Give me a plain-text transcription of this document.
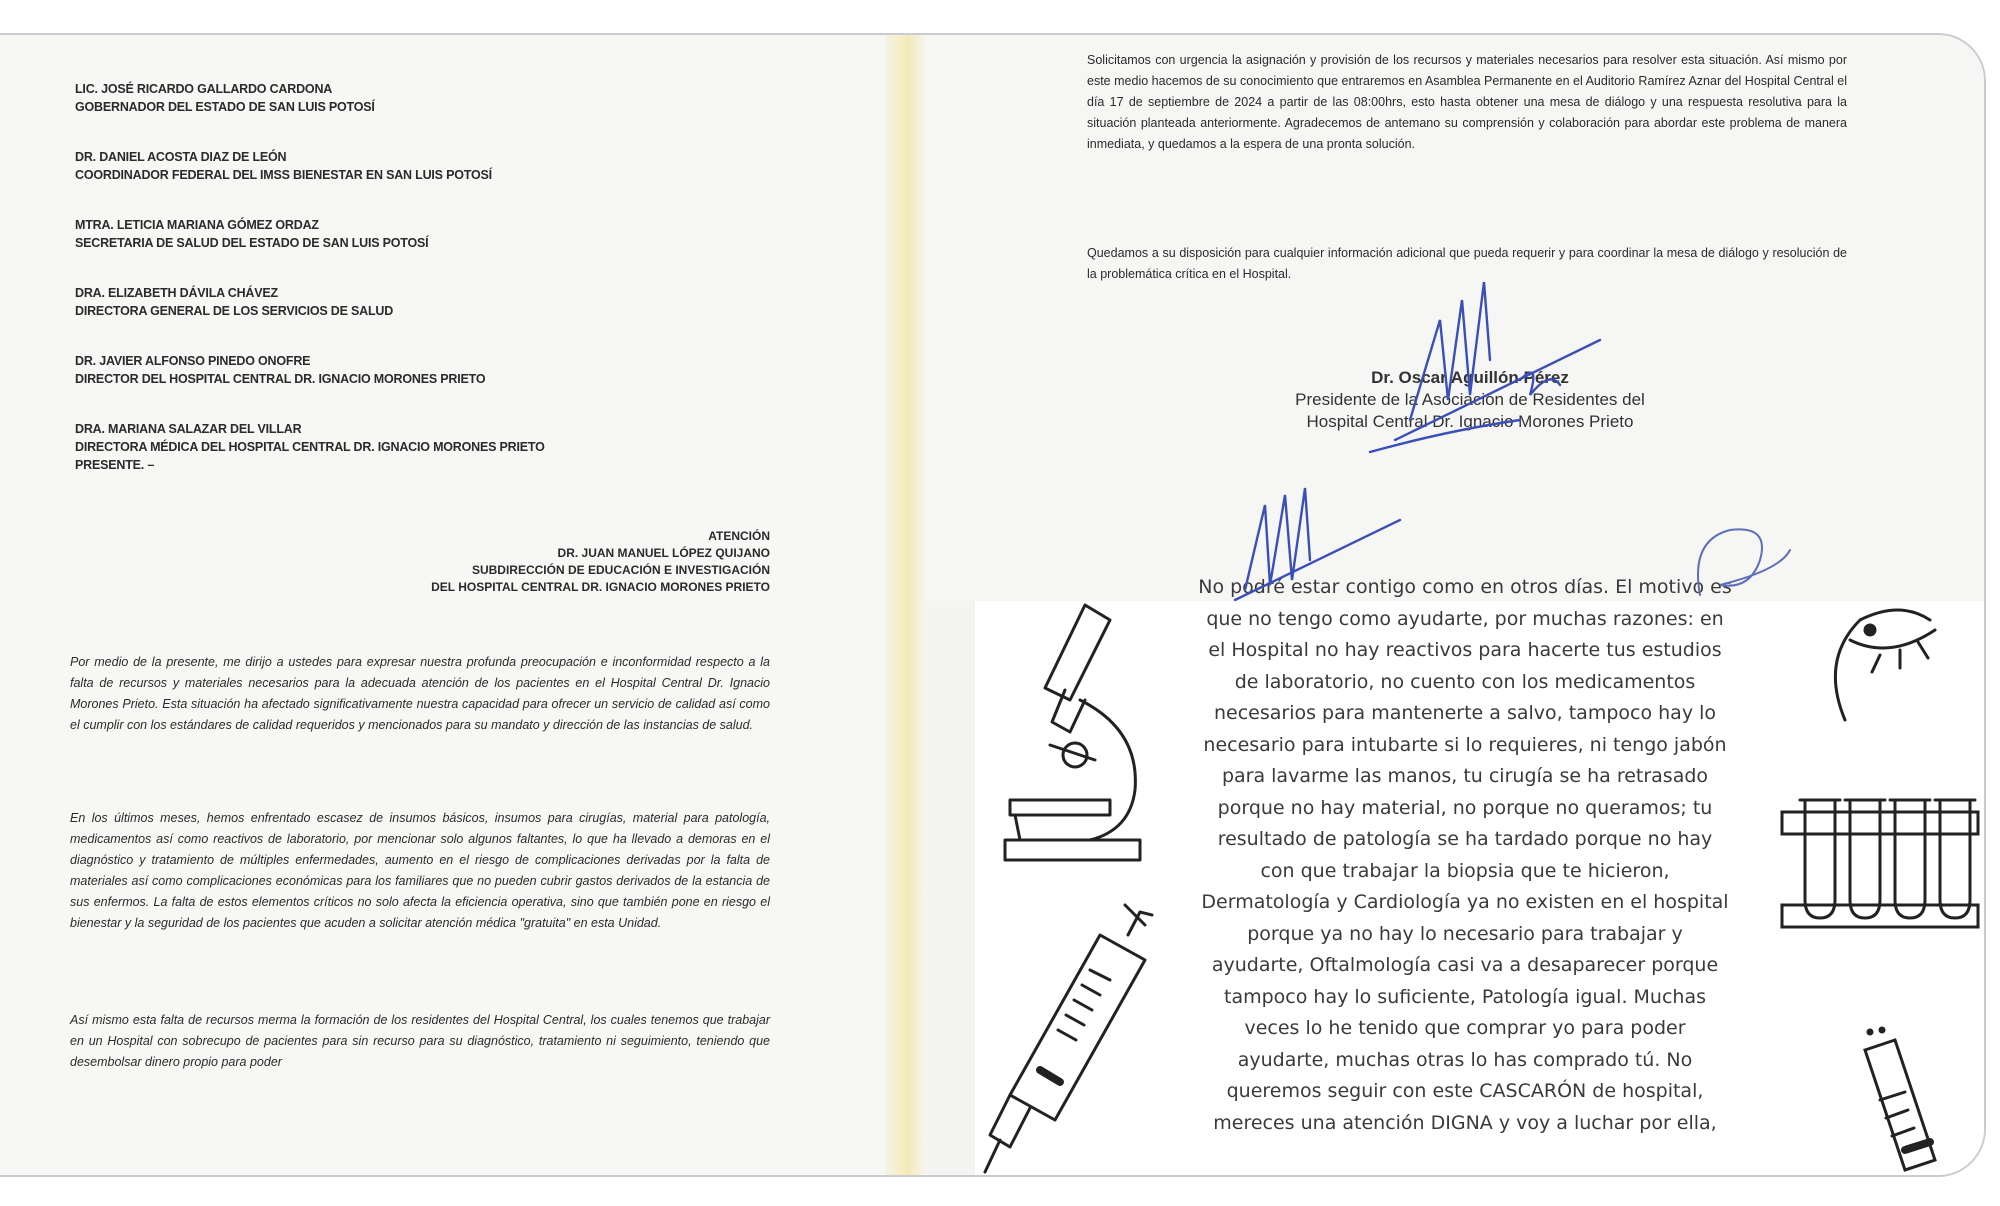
LIC. JOSÉ RICARDO GALLARDO CARDONA
GOBERNADOR DEL ESTADO DE SAN LUIS POTOSÍ
DR. DANIEL ACOSTA DIAZ DE LEÓN
COORDINADOR FEDERAL DEL IMSS BIENESTAR EN SAN LUIS POTOSÍ
MTRA. LETICIA MARIANA GÓMEZ ORDAZ
SECRETARIA DE SALUD DEL ESTADO DE SAN LUIS POTOSÍ
DRA. ELIZABETH DÁVILA CHÁVEZ
DIRECTORA GENERAL DE LOS SERVICIOS DE SALUD
DR. JAVIER ALFONSO PINEDO ONOFRE
DIRECTOR DEL HOSPITAL CENTRAL DR. IGNACIO MORONES PRIETO
DRA. MARIANA SALAZAR DEL VILLAR
DIRECTORA MÉDICA DEL HOSPITAL CENTRAL DR. IGNACIO MORONES PRIETO
PRESENTE. –
ATENCIÓN
DR. JUAN MANUEL LÓPEZ QUIJANO
SUBDIRECCIÓN DE EDUCACIÓN E INVESTIGACIÓN
DEL HOSPITAL CENTRAL DR. IGNACIO MORONES PRIETO
Por medio de la presente, me dirijo a ustedes para expresar nuestra profunda preocupación e inconformidad respecto a la falta de recursos y materiales necesarios para la adecuada atención de los pacientes en el Hospital Central Dr. Ignacio Morones Prieto. Esta situación ha afectado significativamente nuestra capacidad para ofrecer un servicio de calidad así como el cumplir con los estándares de calidad requeridos y mencionados para su mandato y dirección de las instancias de salud.
En los últimos meses, hemos enfrentado escasez de insumos básicos, insumos para cirugías, material para patología, medicamentos así como reactivos de laboratorio, por mencionar solo algunos faltantes, lo que ha llevado a demoras en el diagnóstico y tratamiento de múltiples enfermedades, aumento en el riesgo de complicaciones derivadas por la falta de materiales así como complicaciones económicas para los familiares que no pueden cubrir gastos derivados de la estancia de sus enfermos. La falta de estos elementos críticos no solo afecta la eficiencia operativa, sino que también pone en riesgo el bienestar y la seguridad de los pacientes que acuden a solicitar atención médica "gratuita" en esta Unidad.
Así mismo esta falta de recursos merma la formación de los residentes del Hospital Central, los cuales tenemos que trabajar en un Hospital con sobrecupo de pacientes para sin recurso para su diagnóstico, tratamiento ni seguimiento, teniendo que desembolsar dinero propio para poder
Solicitamos con urgencia la asignación y provisión de los recursos y materiales necesarios para resolver esta situación. Así mismo por este medio hacemos de su conocimiento que entraremos en Asamblea Permanente en el Auditorio Ramírez Aznar del Hospital Central el día 17 de septiembre de 2024 a partir de las 08:00hrs, esto hasta obtener una mesa de diálogo y una respuesta resolutiva para la situación planteada anteriormente. Agradecemos de antemano su comprensión y colaboración para abordar este problema de manera inmediata, y quedamos a la espera de una pronta solución.
Quedamos a su disposición para cualquier información adicional que pueda requerir y para coordinar la mesa de diálogo y resolución de la problemática crítica en el Hospital.
Dr. Oscar Aguillón Pérez
Presidente de la Asociación de Residentes del
Hospital Central Dr. Ignacio Morones Prieto
No podré estar contigo como en otros días. El motivo es
que no tengo como ayudarte, por muchas razones: en
el Hospital no hay reactivos para hacerte tus estudios
de laboratorio, no cuento con los medicamentos
necesarios para mantenerte a salvo, tampoco hay lo
necesario para intubarte si lo requieres, ni tengo jabón
para lavarme las manos, tu cirugía se ha retrasado
porque no hay material, no porque no queramos; tu
resultado de patología se ha tardado porque no hay
con que trabajar la biopsia que te hicieron,
Dermatología y Cardiología ya no existen en el hospital
porque ya no hay lo necesario para trabajar y
ayudarte, Oftalmología casi va a desaparecer porque
tampoco hay lo suficiente, Patología igual. Muchas
veces lo he tenido que comprar yo para poder
ayudarte, muchas otras lo has comprado tú. No
queremos seguir con este CASCARÓN de hospital,
mereces una atención DIGNA y voy a luchar por ella,
